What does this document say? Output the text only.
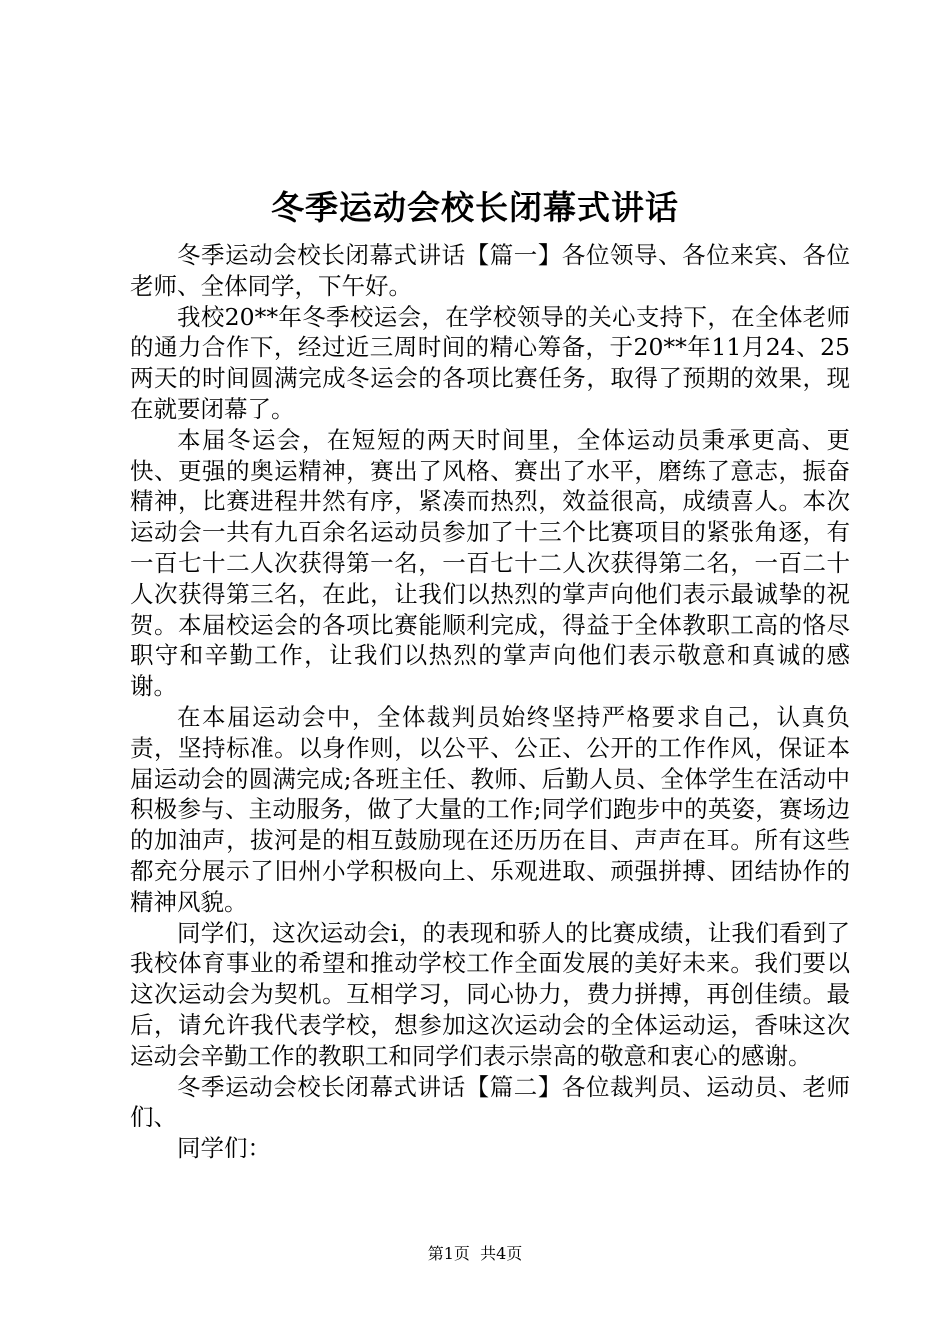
冬季运动会校长闭幕式讲话

冬季运动会校长闭幕式讲话【篇一】各位领导、各位来宾、各位老师、全体同学，下午好。

我校20**年冬季校运会，在学校领导的关心支持下，在全体老师的通力合作下，经过近三周时间的精心筹备，于20**年11月24、25两天的时间圆满完成冬运会的各项比赛任务，取得了预期的效果，现在就要闭幕了。

本届冬运会，在短短的两天时间里，全体运动员秉承更高、更快、更强的奥运精神，赛出了风格、赛出了水平，磨练了意志，振奋精神，比赛进程井然有序，紧凑而热烈，效益很高，成绩喜人。本次运动会一共有九百余名运动员参加了十三个比赛项目的紧张角逐，有一百七十二人次获得第一名，一百七十二人次获得第二名，一百二十人次获得第三名，在此，让我们以热烈的掌声向他们表示最诚挚的祝贺。本届校运会的各项比赛能顺利完成，得益于全体教职工高的恪尽职守和辛勤工作，让我们以热烈的掌声向他们表示敬意和真诚的感谢。

在本届运动会中，全体裁判员始终坚持严格要求自己，认真负责，坚持标准。以身作则，以公平、公正、公开的工作作风，保证本届运动会的圆满完成;各班主任、教师、后勤人员、全体学生在活动中积极参与、主动服务，做了大量的工作;同学们跑步中的英姿，赛场边的加油声，拔河是的相互鼓励现在还历历在目、声声在耳。所有这些都充分展示了旧州小学积极向上、乐观进取、顽强拼搏、团结协作的精神风貌。

同学们，这次运动会i，的表现和骄人的比赛成绩，让我们看到了我校体育事业的希望和推动学校工作全面发展的美好未来。我们要以这次运动会为契机。互相学习，同心协力，费力拼搏，再创佳绩。最后，请允许我代表学校，想参加这次运动会的全体运动运，香味这次运动会辛勤工作的教职工和同学们表示崇高的敬意和衷心的感谢。

冬季运动会校长闭幕式讲话【篇二】各位裁判员、运动员、老师们、

同学们：

第1页 共4页
